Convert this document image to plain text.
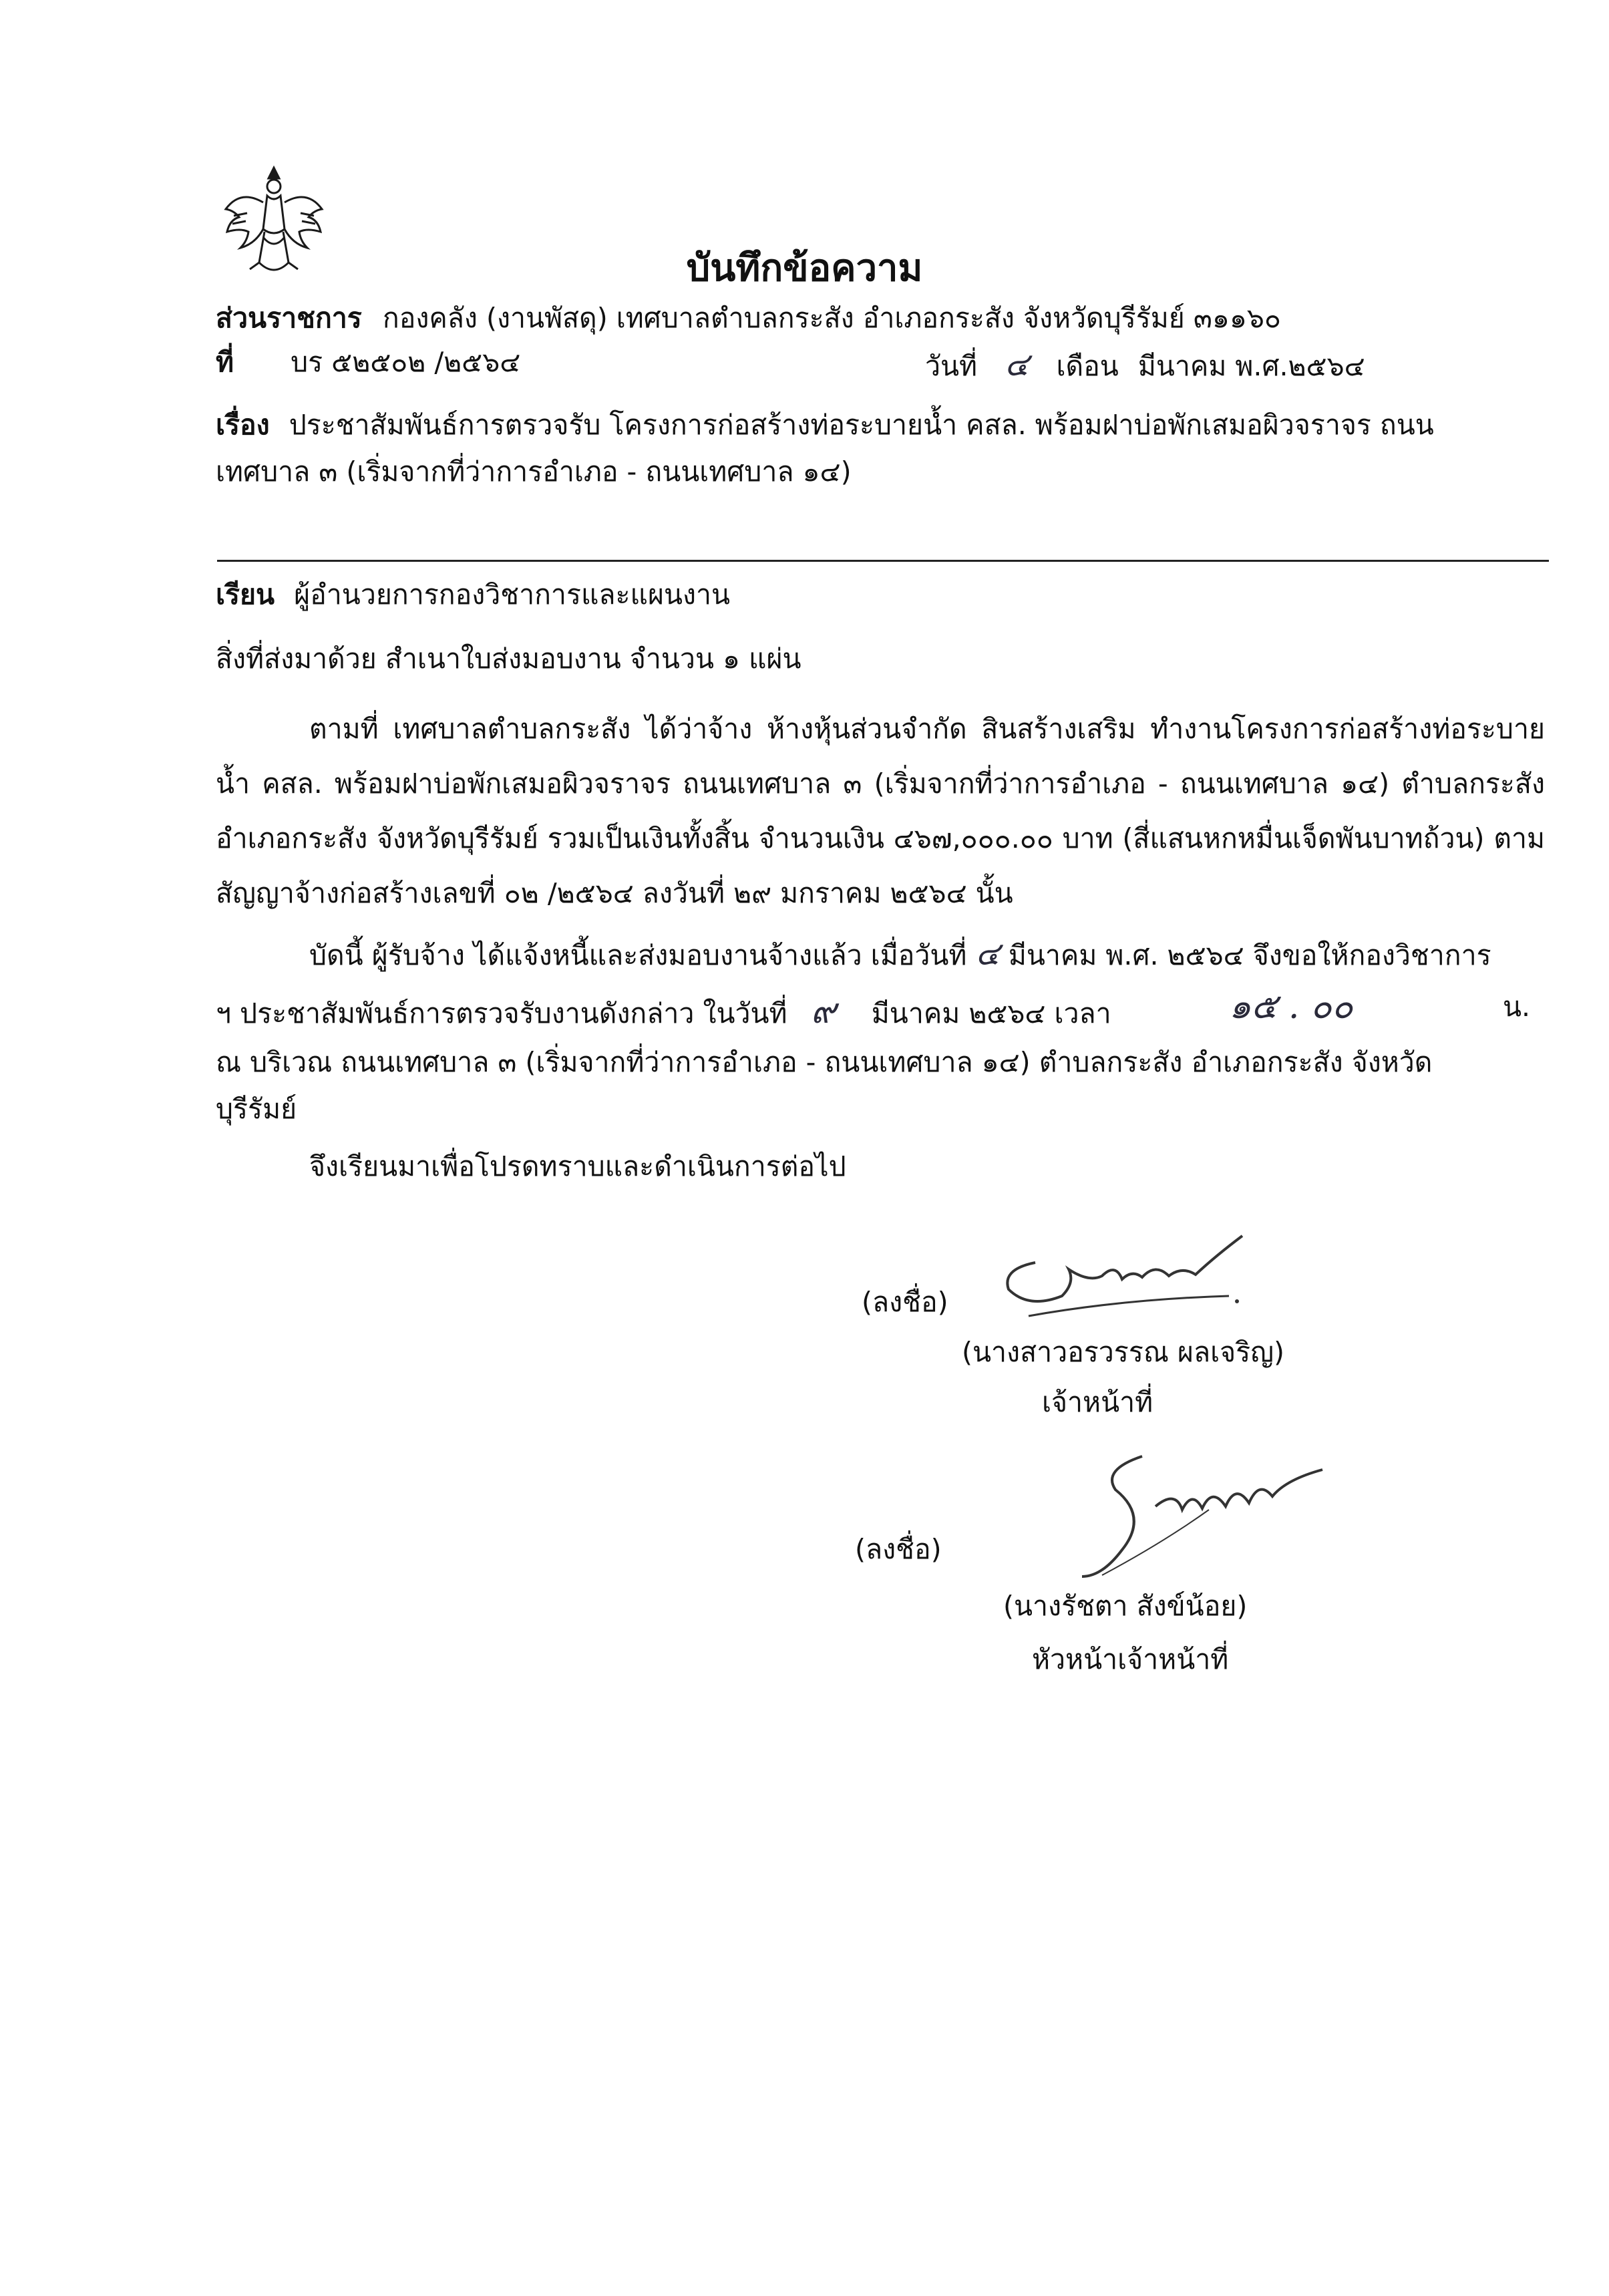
บันทึกข้อความ
ส่วนราชการ กองคลัง (งานพัสดุ) เทศบาลตำบลกระสัง อำเภอกระสัง จังหวัดบุรีรัมย์ ๓๑๑๖๐
ที่ บร ๕๒๕๐๒ /๒๕๖๔	วันที่ ๔ เดือน มีนาคม พ.ศ.๒๕๖๔
เรื่อง ประชาสัมพันธ์การตรวจรับ โครงการก่อสร้างท่อระบายน้ำ คสล. พร้อมฝาบ่อพักเสมอผิวจราจร ถนน
เทศบาล ๓ (เริ่มจากที่ว่าการอำเภอ - ถนนเทศบาล ๑๔)
เรียน ผู้อำนวยการกองวิชาการและแผนงาน
สิ่งที่ส่งมาด้วย สำเนาใบส่งมอบงาน จำนวน ๑ แผ่น
ตามที่ เทศบาลตำบลกระสัง ได้ว่าจ้าง ห้างหุ้นส่วนจำกัด สินสร้างเสริม ทำงานโครงการก่อสร้างท่อระบายน้ำ คสล. พร้อมฝาบ่อพักเสมอผิวจราจร ถนนเทศบาล ๓ (เริ่มจากที่ว่าการอำเภอ - ถนนเทศบาล ๑๔) ตำบลกระสัง อำเภอกระสัง จังหวัดบุรีรัมย์ รวมเป็นเงินทั้งสิ้น จำนวนเงิน ๔๖๗,๐๐๐.๐๐ บาท (สี่แสนหกหมื่นเจ็ดพันบาทถ้วน) ตามสัญญาจ้างก่อสร้างเลขที่ ๐๒ /๒๕๖๔ ลงวันที่ ๒๙ มกราคม ๒๕๖๔ นั้น
บัดนี้ ผู้รับจ้าง ได้แจ้งหนี้และส่งมอบงานจ้างแล้ว เมื่อวันที่ ๔ มีนาคม พ.ศ. ๒๕๖๔ จึงขอให้กองวิชาการ
ฯ ประชาสัมพันธ์การตรวจรับงานดังกล่าว ในวันที่ ๙ มีนาคม ๒๕๖๔ เวลา	๑๕ . ๐๐	น.
ณ บริเวณ ถนนเทศบาล ๓ (เริ่มจากที่ว่าการอำเภอ - ถนนเทศบาล ๑๔) ตำบลกระสัง อำเภอกระสัง จังหวัด
บุรีรัมย์
จึงเรียนมาเพื่อโปรดทราบและดำเนินการต่อไป
(ลงชื่อ)
(นางสาวอรวรรณ ผลเจริญ)
เจ้าหน้าที่
(ลงชื่อ)
(นางรัชตา สังข์น้อย)
หัวหน้าเจ้าหน้าที่
